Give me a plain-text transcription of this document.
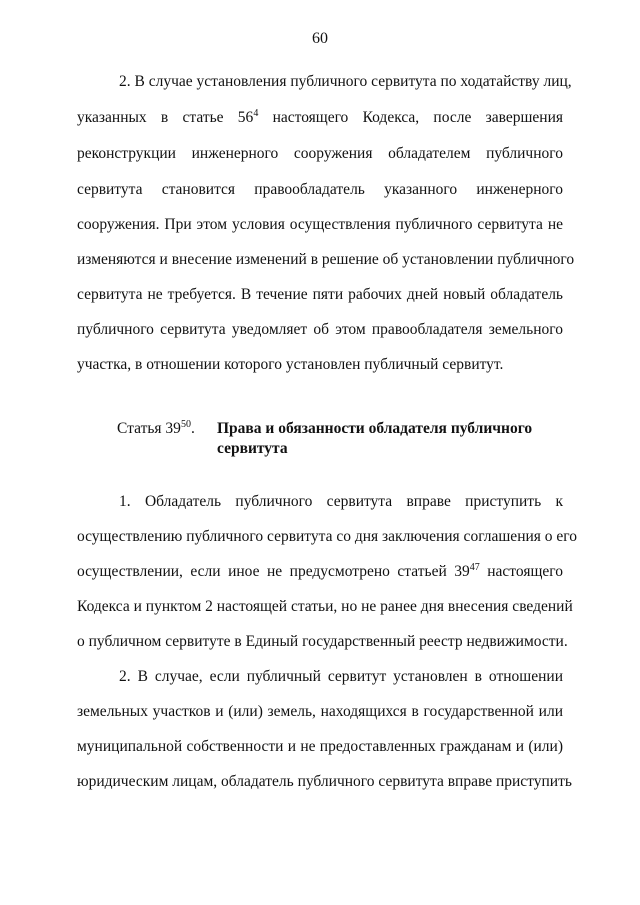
60
2. В случае установления публичного сервитута по ходатайству лиц,
указанных в статье $56^4$ настоящего Кодекса, после завершения
реконструкции инженерного сооружения обладателем публичного
сервитута становится правообладатель указанного инженерного
сооружения. При этом условия осуществления публичного сервитута не
изменяются и внесение изменений в решение об установлении публичного
сервитута не требуется. В течение пяти рабочих дней новый обладатель
публичного сервитута уведомляет об этом правообладателя земельного
участка, в отношении которого установлен публичный сервитут.
Статья $39^{50}$. Права и обязанности обладателя публичного сервитута
1. Обладатель публичного сервитута вправе приступить к
осуществлению публичного сервитута со дня заключения соглашения о его
осуществлении, если иное не предусмотрено статьей $39^{47}$ настоящего
Кодекса и пунктом 2 настоящей статьи, но не ранее дня внесения сведений
о публичном сервитуте в Единый государственный реестр недвижимости.
2. В случае, если публичный сервитут установлен в отношении
земельных участков и (или) земель, находящихся в государственной или
муниципальной собственности и не предоставленных гражданам и (или)
юридическим лицам, обладатель публичного сервитута вправе приступить
